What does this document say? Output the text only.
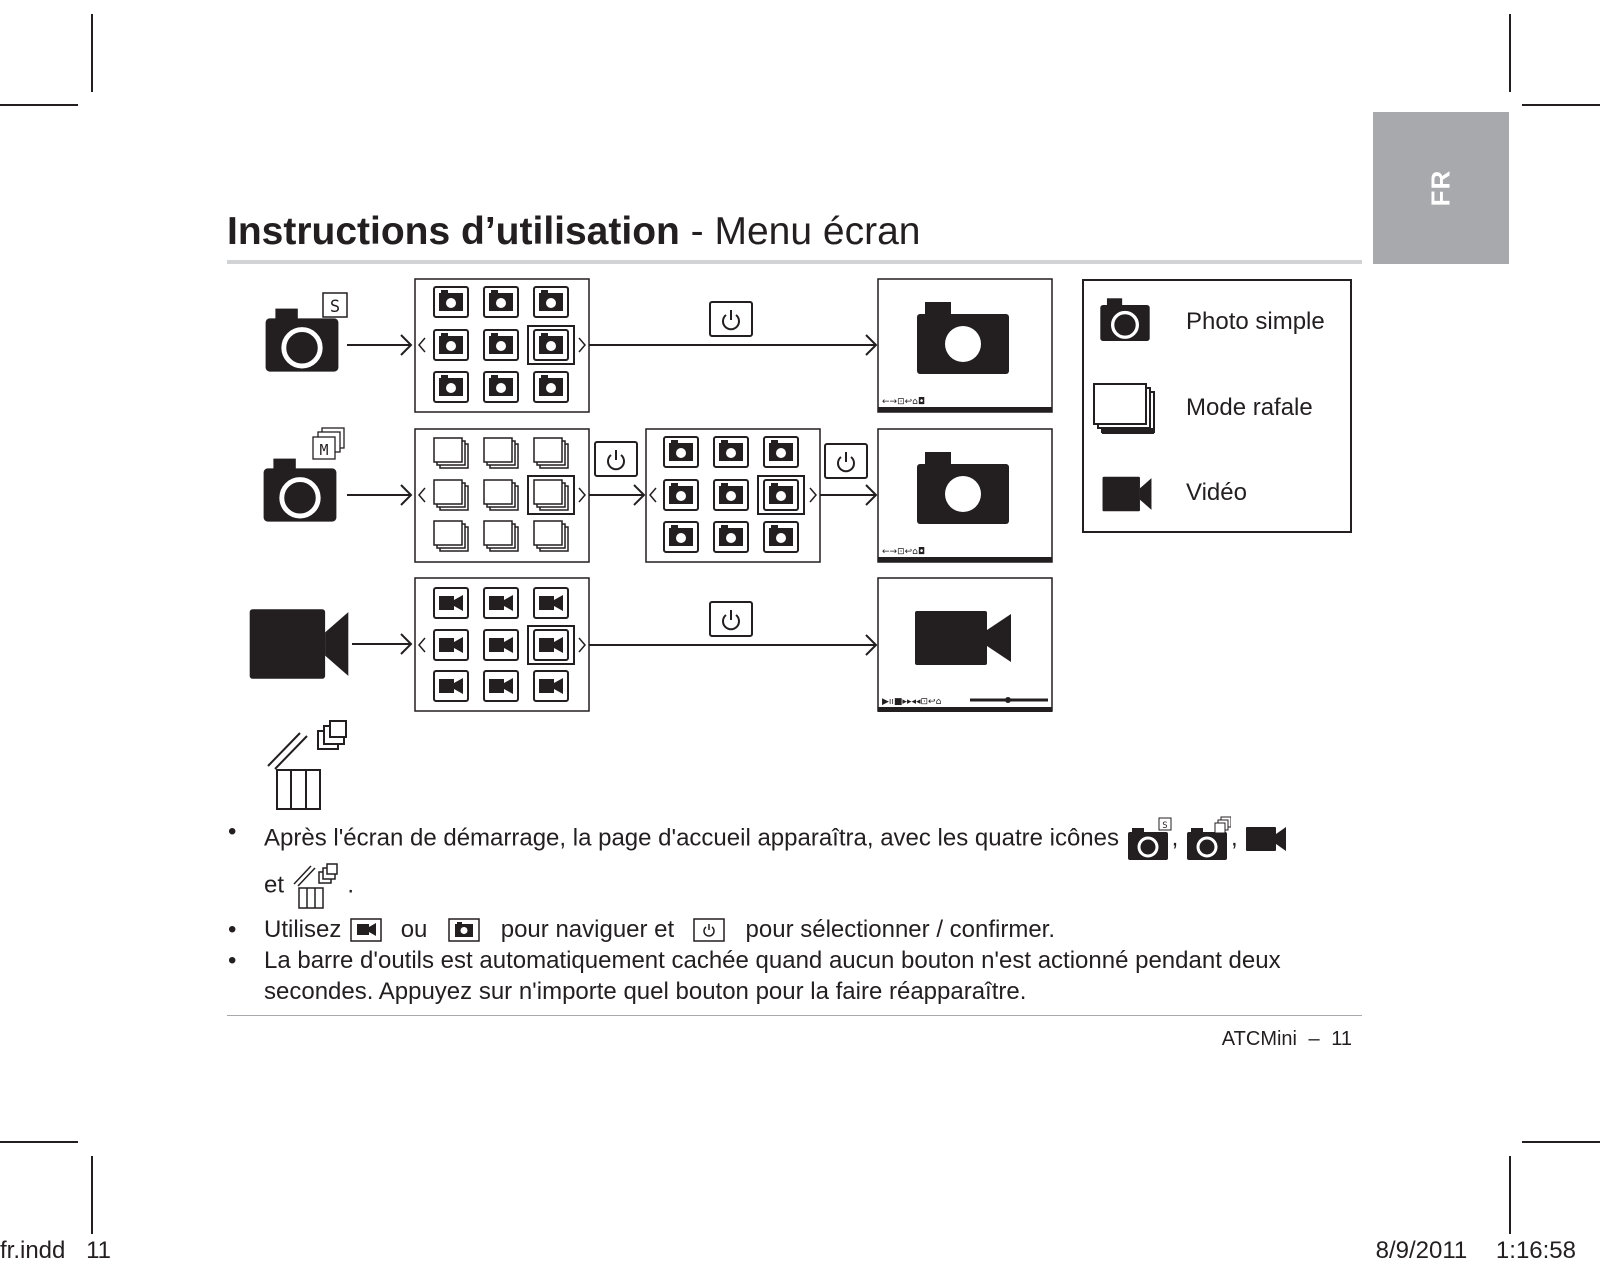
FR
Instructions d’utilisation - Menu écran
S
←→⊡↩⌂◘
M
←→⊡↩⌂◘
▶ıı■▸▸◂◂⊡↩⌂
Photo simple
Mode rafale
Vidéo
• Après l'écran de démarrage, la page d'accueil apparaîtra, avec les quatre icônes	S , ,
et	.
• Utilisez ou	pour naviguer et	pour sélectionner / confirmer.
• La barre d'outils est automatiquement cachée quand aucun bouton n'est actionné pendant deux secondes. Appuyez sur n'importe quel bouton pour la faire réapparaître.
ATCMini – 11
fr.indd 11	8/9/2011 1:16:58
